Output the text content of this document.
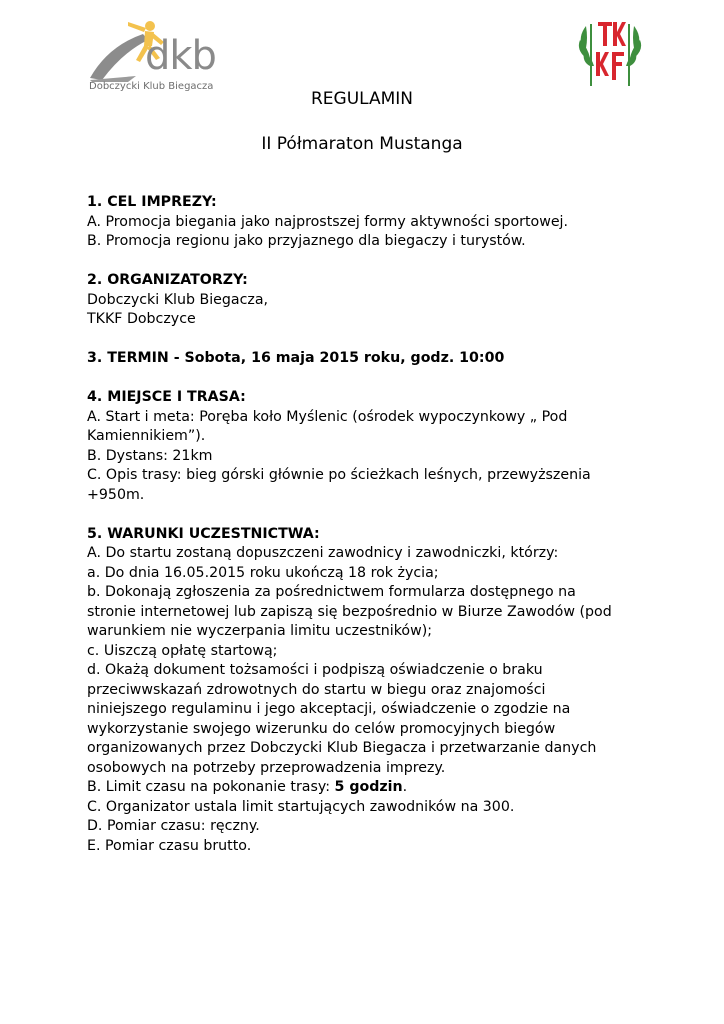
dkb
Dobczycki Klub Biegacza
REGULAMIN
II Półmaraton Mustanga
1. CEL IMPREZY:
A. Promocja biegania jako najprostszej formy aktywności sportowej.
B. Promocja regionu jako przyjaznego dla biegaczy i turystów.
2. ORGANIZATORZY:
Dobczycki Klub Biegacza,
TKKF Dobczyce
3. TERMIN - Sobota, 16 maja 2015 roku, godz. 10:00
4. MIEJSCE I TRASA:
A. Start i meta: Poręba koło Myślenic (ośrodek wypoczynkowy „ Pod
Kamiennikiem”).
B. Dystans: 21km
C. Opis trasy: bieg górski głównie po ścieżkach leśnych, przewyższenia
+950m.
5. WARUNKI UCZESTNICTWA:
A. Do startu zostaną dopuszczeni zawodnicy i zawodniczki, którzy:
a. Do dnia 16.05.2015 roku ukończą 18 rok życia;
b. Dokonają zgłoszenia za pośrednictwem formularza dostępnego na
stronie internetowej lub zapiszą się bezpośrednio w Biurze Zawodów (pod
warunkiem nie wyczerpania limitu uczestników);
c. Uiszczą opłatę startową;
d. Okażą dokument tożsamości i podpiszą oświadczenie o braku
przeciwwskazań zdrowotnych do startu w biegu oraz znajomości
niniejszego regulaminu i jego akceptacji, oświadczenie o zgodzie na
wykorzystanie swojego wizerunku do celów promocyjnych biegów
organizowanych przez Dobczycki Klub Biegacza i przetwarzanie danych
osobowych na potrzeby przeprowadzenia imprezy.
B. Limit czasu na pokonanie trasy: 5 godzin.
C. Organizator ustala limit startujących zawodników na 300.
D. Pomiar czasu: ręczny.
E. Pomiar czasu brutto.
